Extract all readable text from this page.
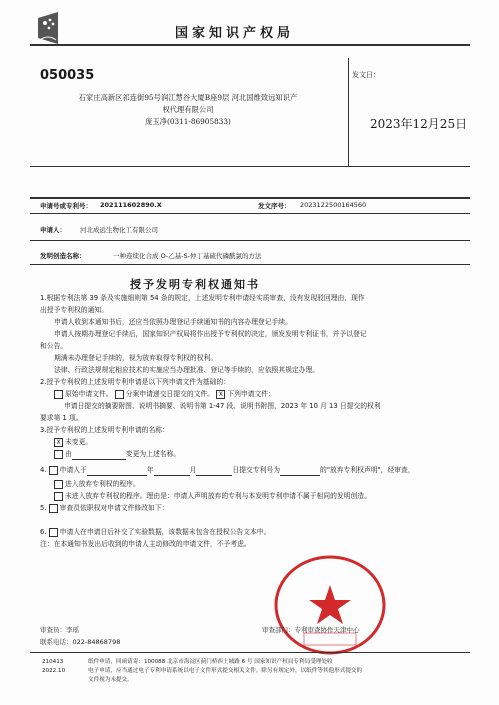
国家知识产权局
050035
石家庄高新区祁连街95号润江慧谷大厦B座9层 河北国维致远知识产
权代理有限公司
庞玉净(0311-86905833)
发文日：
2023年12月25日
申请号或专利号： 202111602890.X	发文序号： 2023122500164560
申请人： 河北成远生物化工有限公司
发明创造名称：	一种连续化合成 O-乙基-S-仲丁基硫代磷酰氯的方法
授予发明专利权通知书
1.根据专利法第 39 条及实施细则第 54 条的规定，上述发明专利申请经实质审查，没有发现驳回理由，现作
出授予专利权的通知。
申请人收到本通知书后，还应当依照办理登记手续通知书的内容办理登记手续。
申请人按期办理登记手续后，国家知识产权局将作出授予专利权的决定，颁发发明专利证书，并予以登记
和公告。
期满未办理登记手续的，视为放弃取得专利权的权利。
法律、行政法规规定相应技术的实施应当办理批准、登记等手续的，应依照其规定办理。
2.授予专利权的上述发明专利申请是以下列申请文件为基础的：
原始申请文件。 分案申请递交日提交的文件。 X 下列申请文件：
申请日提交的摘要附图、说明书摘要、说明书第 1-47 段、说明书附图，2023 年 10 月 13 日提交的权利
要求第 1 项。
3.授予专利权的上述发明专利申请的名称：
X 未变更。
由	变更为上述名称。
4. 申请人于	年	月	日提交专利号为	的"放弃专利权声明"，经审查，
进入放弃专利权的程序。
未进入放弃专利权的程序。理由是：申请人声明放弃的专利与本发明专利申请不属于相同的发明创造。
5. 审查员依职权对申请文件修改如下：
6. 申请人在申请日后补交了实验数据，该数据未包含在授权公告文本中。
注：在本通知书发出后收到的申请人主动修改的申请文件，不予考虑。
审查员：李瑶	审查部门：专利审查协作天津中心
联系电话：022-84868798
210413
2022.10
纸件申请，回函请寄：100088 北京市海淀区蓟门桥西土城路 6 号 国家知识产权局专利局受理处收
电子申请，应当通过电子专利申请系统以电子文件形式提交相关文件。除另有规定外，以纸件等其他形式提交的
文件视为未提交。
